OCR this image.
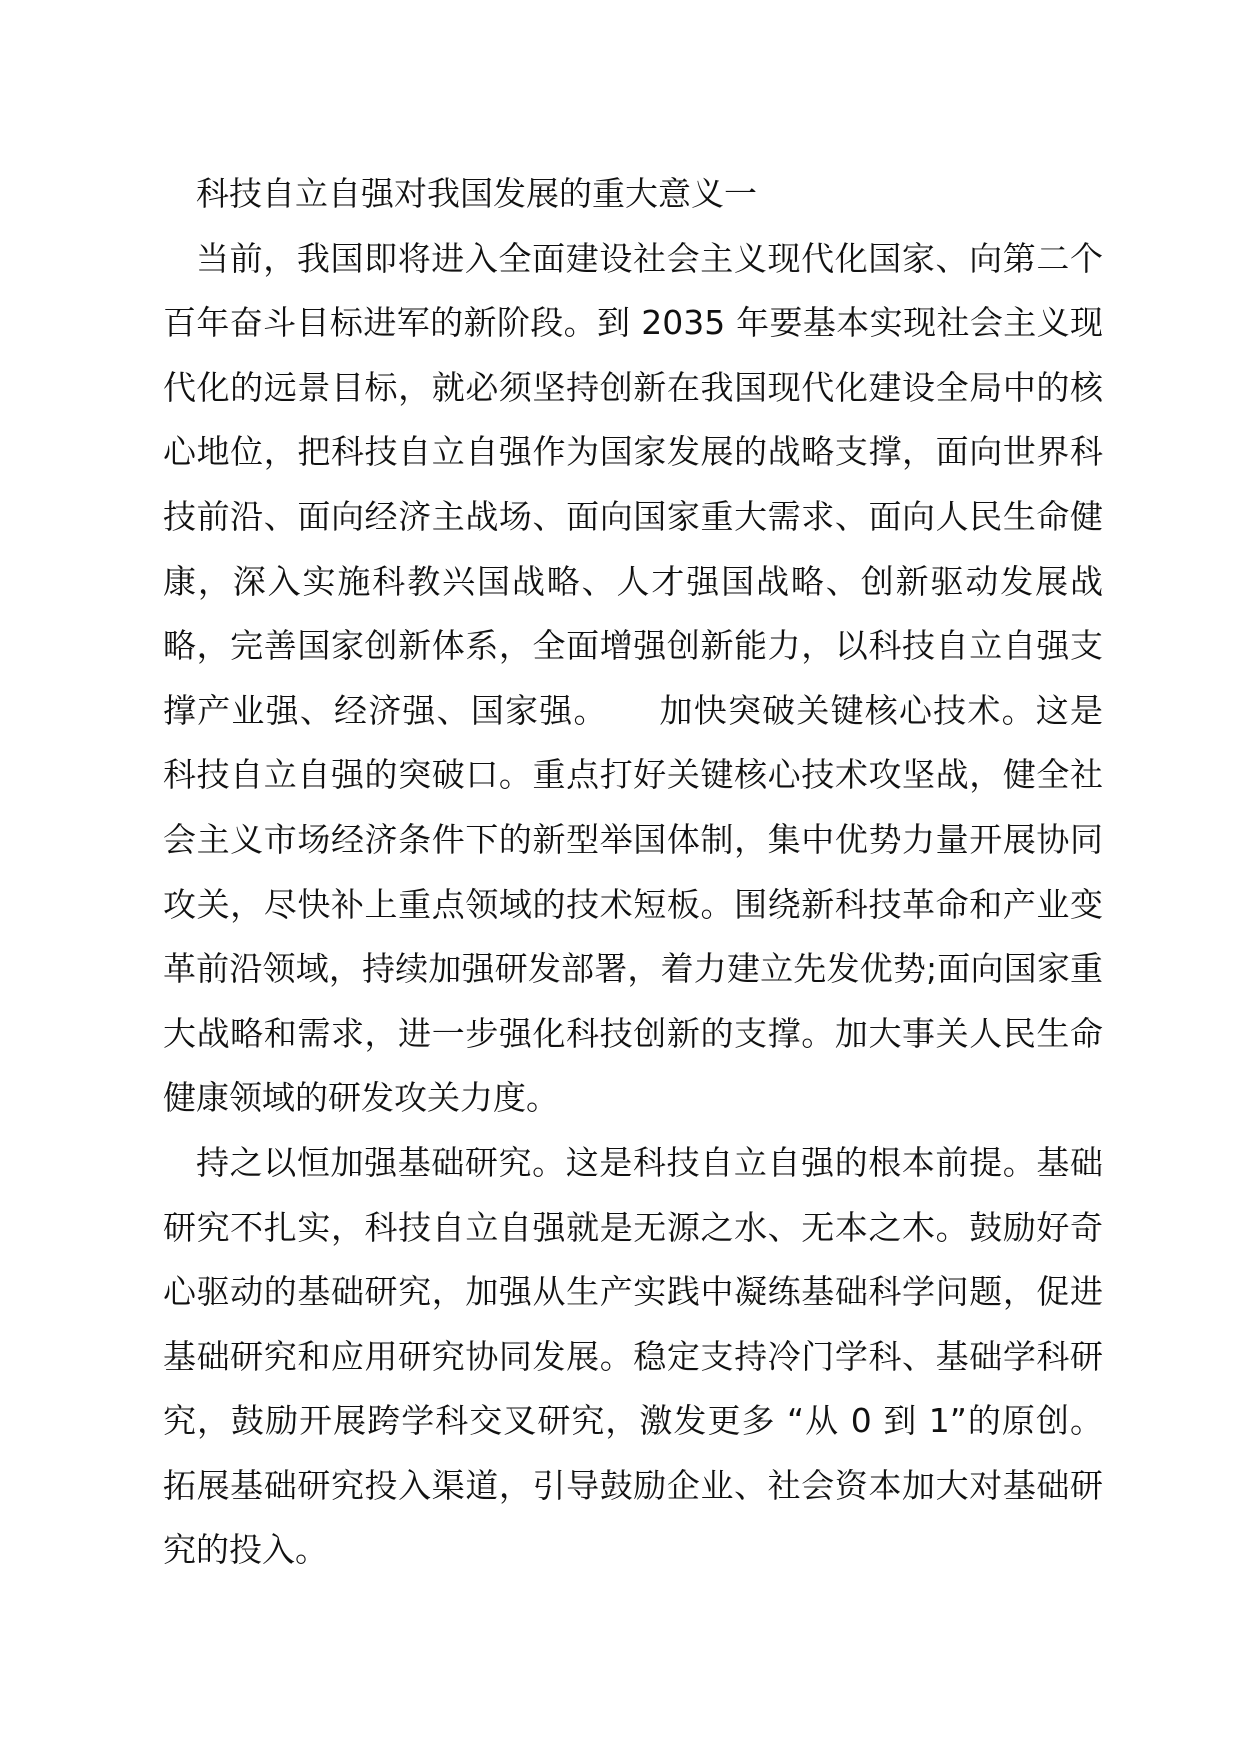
科技自立自强对我国发展的重大意义一

当前，我国即将进入全面建设社会主义现代化国家、向第二个百年奋斗目标进军的新阶段。到 2035 年要基本实现社会主义现代化的远景目标，就必须坚持创新在我国现代化建设全局中的核心地位，把科技自立自强作为国家发展的战略支撑，面向世界科技前沿、面向经济主战场、面向国家重大需求、面向人民生命健康，深入实施科教兴国战略、人才强国战略、创新驱动发展战略，完善国家创新体系，全面增强创新能力，以科技自立自强支撑产业强、经济强、国家强。　　加快突破关键核心技术。这是科技自立自强的突破口。重点打好关键核心技术攻坚战，健全社会主义市场经济条件下的新型举国体制，集中优势力量开展协同攻关，尽快补上重点领域的技术短板。围绕新科技革命和产业变革前沿领域，持续加强研发部署，着力建立先发优势;面向国家重大战略和需求，进一步强化科技创新的支撑。加大事关人民生命健康领域的研发攻关力度。

持之以恒加强基础研究。这是科技自立自强的根本前提。基础研究不扎实，科技自立自强就是无源之水、无本之木。鼓励好奇心驱动的基础研究，加强从生产实践中凝练基础科学问题，促进基础研究和应用研究协同发展。稳定支持冷门学科、基础学科研究，鼓励开展跨学科交叉研究，激发更多 “从 0 到 1”的原创。拓展基础研究投入渠道，引导鼓励企业、社会资本加大对基础研究的投入。
